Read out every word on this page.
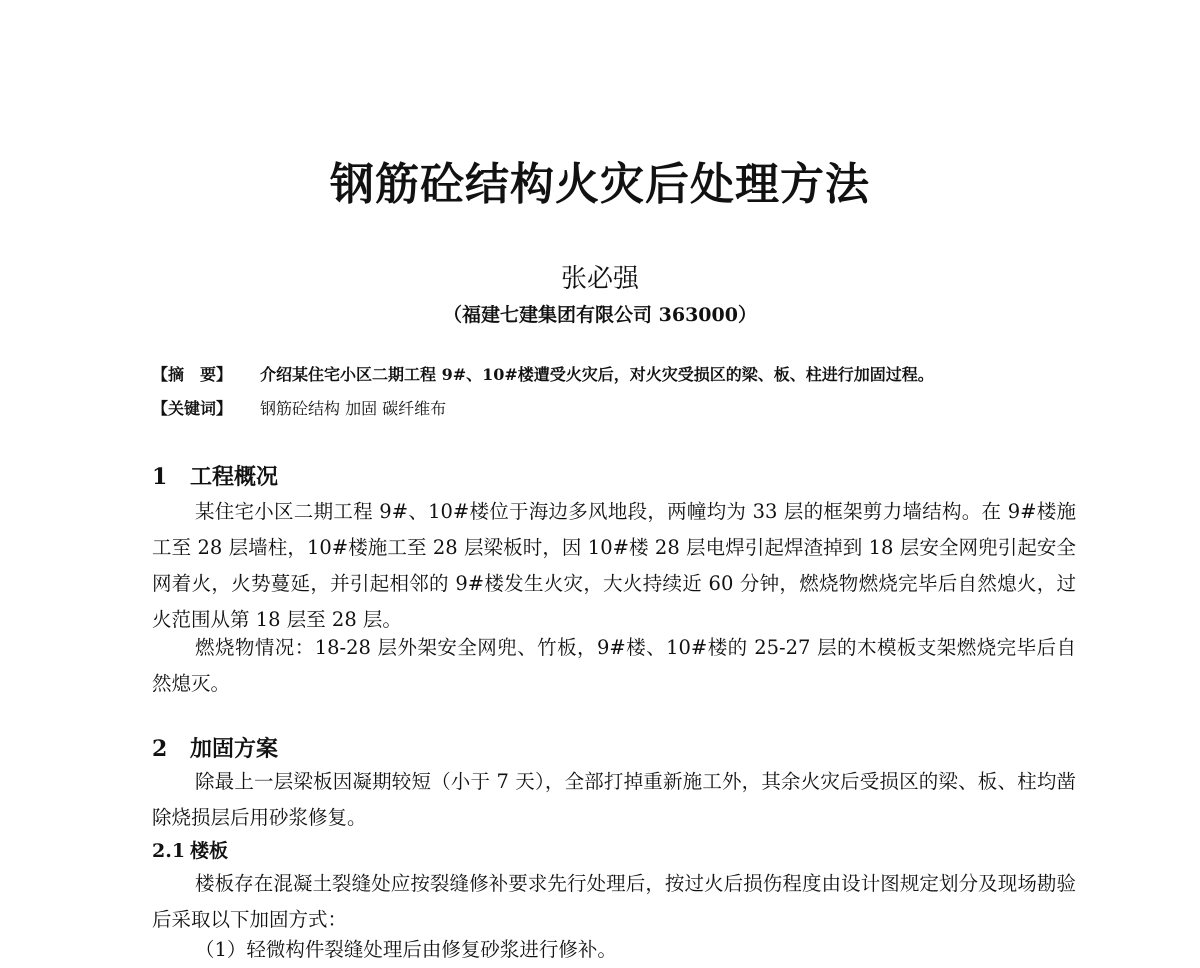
钢筋砼结构火灾后处理方法
张必强
（福建七建集团有限公司 363000）
【摘　要】 介绍某住宅小区二期工程 9#、10#楼遭受火灾后，对火灾受损区的梁、板、柱进行加固过程。
【关键词】 钢筋砼结构 加固 碳纤维布
1 工程概况
某住宅小区二期工程 9#、10#楼位于海边多风地段，两幢均为 33 层的框架剪力墙结构。在 9#楼施工至 28 层墙柱，10#楼施工至 28 层梁板时，因 10#楼 28 层电焊引起焊渣掉到 18 层安全网兜引起安全网着火，火势蔓延，并引起相邻的 9#楼发生火灾，大火持续近 60 分钟，燃烧物燃烧完毕后自然熄火，过火范围从第 18 层至 28 层。
燃烧物情况：18-28 层外架安全网兜、竹板，9#楼、10#楼的 25-27 层的木模板支架燃烧完毕后自然熄灭。
2 加固方案
除最上一层梁板因凝期较短（小于 7 天），全部打掉重新施工外，其余火灾后受损区的梁、板、柱均凿除烧损层后用砂浆修复。
2.1 楼板
楼板存在混凝土裂缝处应按裂缝修补要求先行处理后，按过火后损伤程度由设计图规定划分及现场勘验后采取以下加固方式：
（1）轻微构件裂缝处理后由修复砂浆进行修补。
